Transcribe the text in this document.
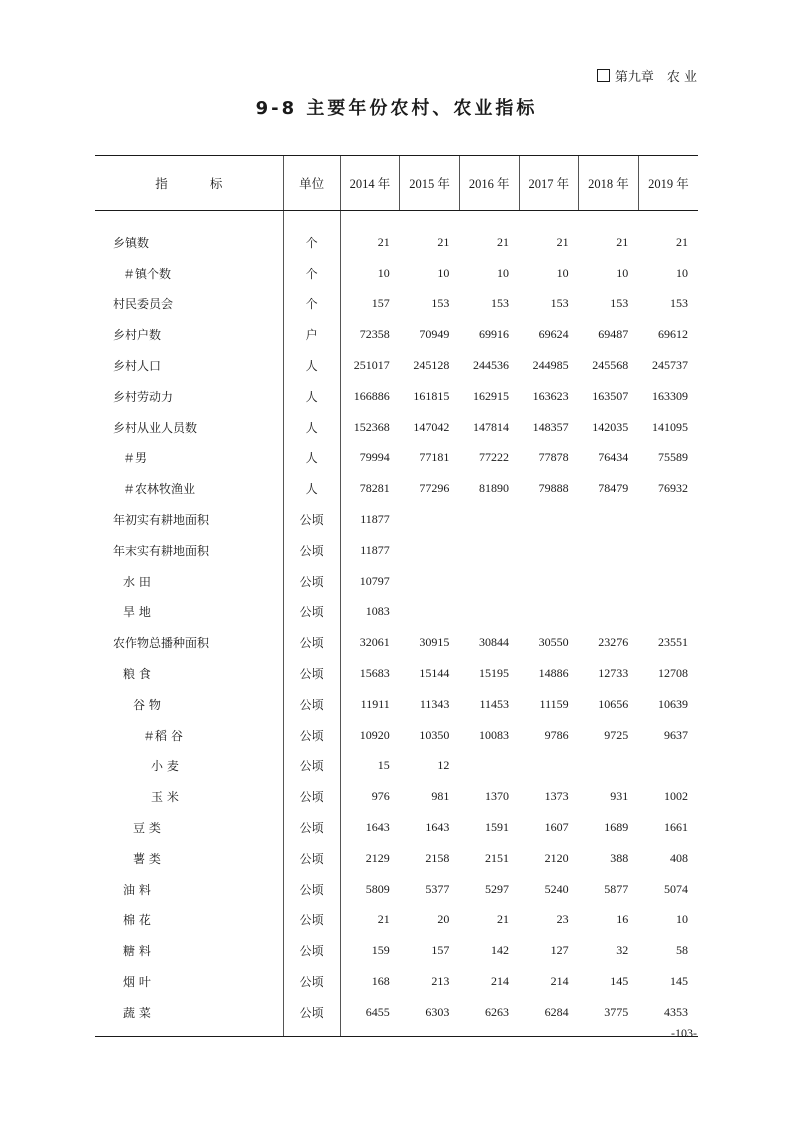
第九章　农 业
9-8 主要年份农村、农业指标
指 标	单位	2014 年	2015 年	2016 年	2017 年	2018 年	2019 年
乡镇数	个	21	21	21	21	21	21
＃镇个数	个	10	10	10	10	10	10
村民委员会	个	157	153	153	153	153	153
乡村户数	户	72358	70949	69916	69624	69487	69612
乡村人口	人	251017	245128	244536	244985	245568	245737
乡村劳动力	人	166886	161815	162915	163623	163507	163309
乡村从业人员数	人	152368	147042	147814	148357	142035	141095
＃男	人	79994	77181	77222	77878	76434	75589
＃农林牧渔业	人	78281	77296	81890	79888	78479	76932
年初实有耕地面积	公顷	11877					
年末实有耕地面积	公顷	11877					
水 田	公顷	10797					
旱 地	公顷	1083					
农作物总播种面积	公顷	32061	30915	30844	30550	23276	23551
粮 食	公顷	15683	15144	15195	14886	12733	12708
谷 物	公顷	11911	11343	11453	11159	10656	10639
＃稻 谷	公顷	10920	10350	10083	9786	9725	9637
小 麦	公顷	15	12				
玉 米	公顷	976	981	1370	1373	931	1002
豆 类	公顷	1643	1643	1591	1607	1689	1661
薯 类	公顷	2129	2158	2151	2120	388	408
油 料	公顷	5809	5377	5297	5240	5877	5074
棉 花	公顷	21	20	21	23	16	10
糖 料	公顷	159	157	142	127	32	58
烟 叶	公顷	168	213	214	214	145	145
蔬 菜	公顷	6455	6303	6263	6284	3775	4353
-103-
